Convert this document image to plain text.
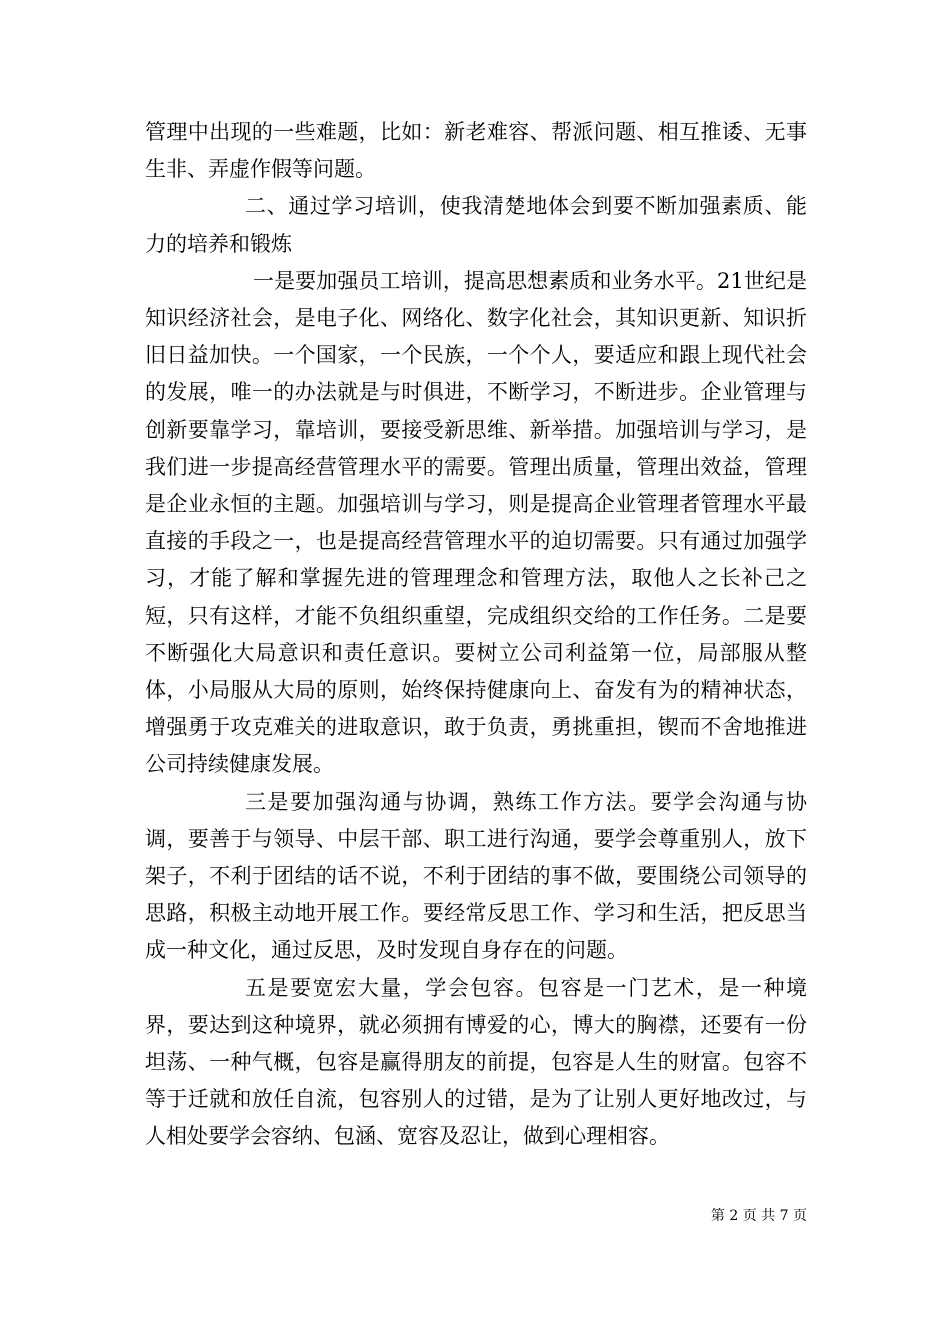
管理中出现的一些难题，比如：新老难容、帮派问题、相互推诿、无事生非、弄虚作假等问题。

二、通过学习培训，使我清楚地体会到要不断加强素质、能力的培养和锻炼

一是要加强员工培训，提高思想素质和业务水平。21世纪是知识经济社会，是电子化、网络化、数字化社会，其知识更新、知识折旧日益加快。一个国家，一个民族，一个个人，要适应和跟上现代社会的发展，唯一的办法就是与时俱进，不断学习，不断进步。企业管理与创新要靠学习，靠培训，要接受新思维、新举措。加强培训与学习，是我们进一步提高经营管理水平的需要。管理出质量，管理出效益，管理是企业永恒的主题。加强培训与学习，则是提高企业管理者管理水平最直接的手段之一，也是提高经营管理水平的迫切需要。只有通过加强学习，才能了解和掌握先进的管理理念和管理方法，取他人之长补己之短，只有这样，才能不负组织重望，完成组织交给的工作任务。二是要不断强化大局意识和责任意识。要树立公司利益第一位，局部服从整体，小局服从大局的原则，始终保持健康向上、奋发有为的精神状态，增强勇于攻克难关的进取意识，敢于负责，勇挑重担，锲而不舍地推进公司持续健康发展。

三是要加强沟通与协调，熟练工作方法。要学会沟通与协调，要善于与领导、中层干部、职工进行沟通，要学会尊重别人，放下架子，不利于团结的话不说，不利于团结的事不做，要围绕公司领导的思路，积极主动地开展工作。要经常反思工作、学习和生活，把反思当成一种文化，通过反思，及时发现自身存在的问题。

五是要宽宏大量，学会包容。包容是一门艺术，是一种境界，要达到这种境界，就必须拥有博爱的心，博大的胸襟，还要有一份坦荡、一种气概，包容是赢得朋友的前提，包容是人生的财富。包容不等于迁就和放任自流，包容别人的过错，是为了让别人更好地改过，与人相处要学会容纳、包涵、宽容及忍让，做到心理相容。

第 2 页 共 7 页
